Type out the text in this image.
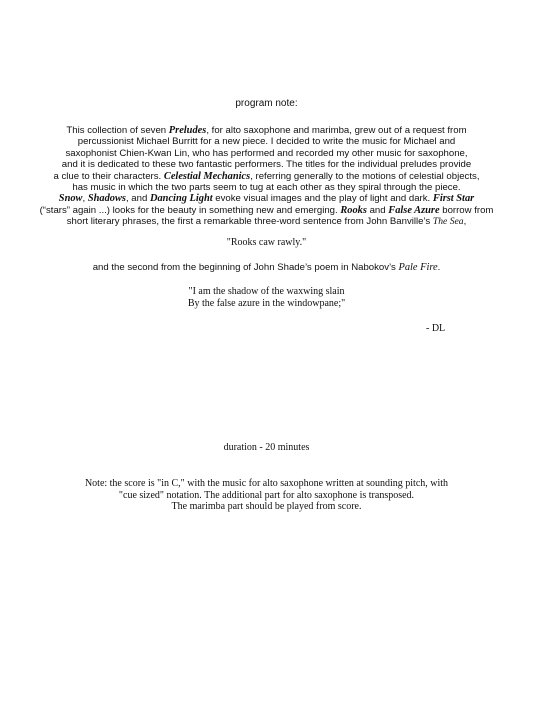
program note:
This collection of seven Preludes, for alto saxophone and marimba, grew out of a request from
percussionist Michael Burritt for a new piece. I decided to write the music for Michael and
saxophonist Chien-Kwan Lin, who has performed and recorded my other music for saxophone,
and it is dedicated to these two fantastic performers. The titles for the individual preludes provide
a clue to their characters. Celestial Mechanics, referring generally to the motions of celestial objects,
has music in which the two parts seem to tug at each other as they spiral through the piece.
Snow, Shadows, and Dancing Light evoke visual images and the play of light and dark. First Star
(“stars” again ...) looks for the beauty in something new and emerging. Rooks and False Azure borrow from
short literary phrases, the first a remarkable three-word sentence from John Banville’s The Sea,
"Rooks caw rawly."
and the second from the beginning of John Shade’s poem in Nabokov’s Pale Fire.
"I am the shadow of the waxwing slain
By the false azure in the windowpane;"
- DL
duration - 20 minutes
Note: the score is "in C," with the music for alto saxophone written at sounding pitch, with
"cue sized" notation. The additional part for alto saxophone is transposed.
The marimba part should be played from score.
